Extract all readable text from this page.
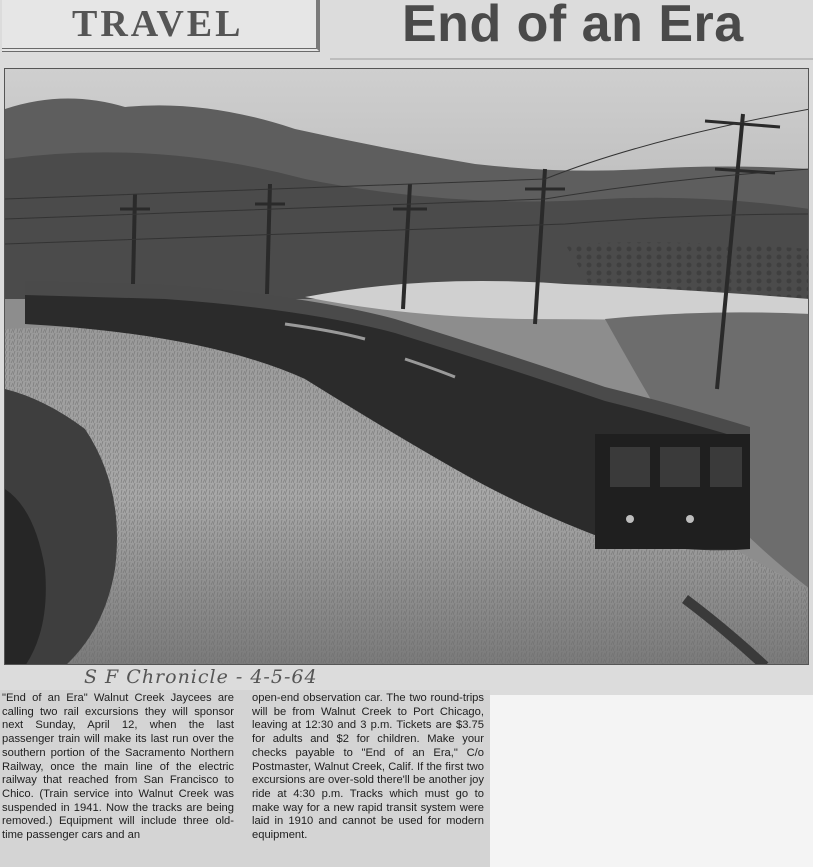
TRAVEL	End of an Era
S F Chronicle - 4-5-64
"End of an Era" Walnut Creek Jaycees are calling two rail excursions they will sponsor next Sunday, April 12, when the last passenger train will make its last run over the southern portion of the Sacramento Northern Railway, once the main line of the electric railway that reached from San Francisco to Chico. (Train service into Walnut Creek was suspended in 1941. Now the tracks are being removed.) Equipment will include three old-time passenger cars and an
open-end observation car. The two round-trips will be from Walnut Creek to Port Chicago, leaving at 12:30 and 3 p.m. Tickets are $3.75 for adults and $2 for children. Make your checks payable to "End of an Era," C/o Postmaster, Walnut Creek, Calif. If the first two excursions are over-sold there'll be another joy ride at 4:30 p.m. Tracks which must go to make way for a new rapid transit system were laid in 1910 and cannot be used for modern equipment.
